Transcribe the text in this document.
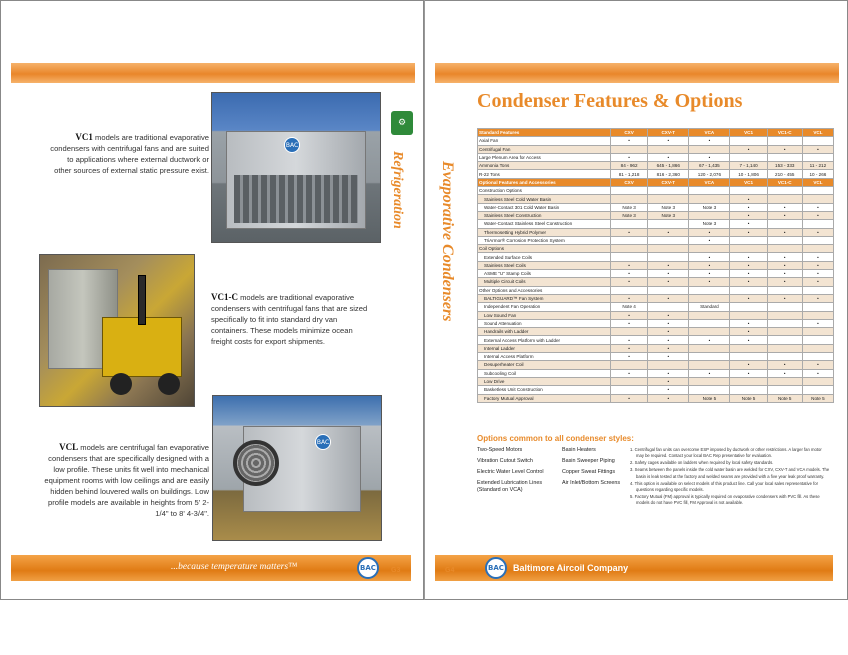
BAC
BAC
VC1 models are traditional evaporative condensers with centrifugal fans and are suited to applications where external ductwork or other sources of external static pressure exist.
VC1-C models are traditional evaporative condensers with centrifugal fans that are sized specifically to fit into standard dry van containers. These models minimize ocean freight costs for export shipments.
VCL models are centrifugal fan evaporative condensers that are specifically designed with a low profile. These units fit well into mechanical equipment rooms with low ceilings and are easily hidden behind louvered walls on buildings. Low profile models are available in heights from 5' 2-1/4" to 8' 4-3/4".
⚙
Refrigeration
...because temperature matters™	BAC	G3
Evaporative Condensers
Condenser Features & Options
Standard Features	CXV	CXV-T	VCA	VC1	VC1-C	VCL
Axial Fan	•	•	•			
Centrifugal Fan				•	•	•
Large Plenum Area for Access	•	•	•			
Ammonia Tons	84 - 962	645 - 1,866	67 - 1,435	7 - 1,140	153 - 333	11 - 212
R-22 Tons	81 - 1,218	816 - 2,360	120 - 2,076	10 - 1,806	210 - 455	10 - 266
Optional Features and Accessories	CXV	CXV-T	VCA	VC1	VC1-C	VCL
Construction Options						
Stainless Steel Cold Water Basin				•		
Water-Contact 301 Cold Water Basin	Note 3	Note 3	Note 3	•	•	•
Stainless Steel Construction	Note 3	Note 3		•	•	•
Water-Contact Stainless Steel Construction			Note 3	•		
Thermosetting Hybrid Polymer	•	•	•	•	•	•
TriArmor® Corrosion Protection System			•			
Coil Options						
Extended Surface Coils			•	•	•	•
Stainless Steel Coils	•	•	•	•	•	•
ASME "U" Stamp Coils	•	•	•	•	•	•
Multiple Circuit Coils	•	•	•	•	•	•
Other Options and Accessories						
BALTIGUARD™ Fan System	•	•		•	•	•
Independent Fan Operation	Note 4		Standard			
Low Sound Fan	•	•				
Sound Attenuation	•	•		•		•
Handrails with Ladder		•		•		
External Access Platform with Ladder	•	•	•	•		
Internal Ladder	•	•				
Internal Access Platform	•	•				
Desuperheater Coil				•	•	•
Subcooling Coil	•	•	•	•	•	•
Low Drive		•				
Basketless Unit Construction		•				
Factory Mutual Approval	•	•	Note 5	Note 5	Note 5	Note 5
Options common to all condenser styles:
Two-Speed Motors
Vibration Cutout Switch
Electric Water Level Control
Extended Lubrication Lines (Standard on VCA)
Basin Heaters
Basin Sweeper Piping
Copper Sweat Fittings
Air Inlet/Bottom Screens

1. Centrifugal fan units can overcome ESP imposed by ductwork or other restrictions. A larger fan motor may be required. Contact your local BAC Rep presentative for evaluation.

2. Safety cages available on ladders when required by local safety standards.

3. Seams between the panels inside the cold water basin are welded for CXV, CXV-T and VCA models. The basin is leak tested at the factory and welded seams are provided with a five year leak proof warranty.

4. This option is available on select models of this product line. Call your local sales representative for questions regarding specific models.

5. Factory Mutual (FM) approval is typically required on evaporative condensers with PVC fill. As these models do not have PVC fill, FM Approval is not available.

G4	BAC	Baltimore Aircoil Company
